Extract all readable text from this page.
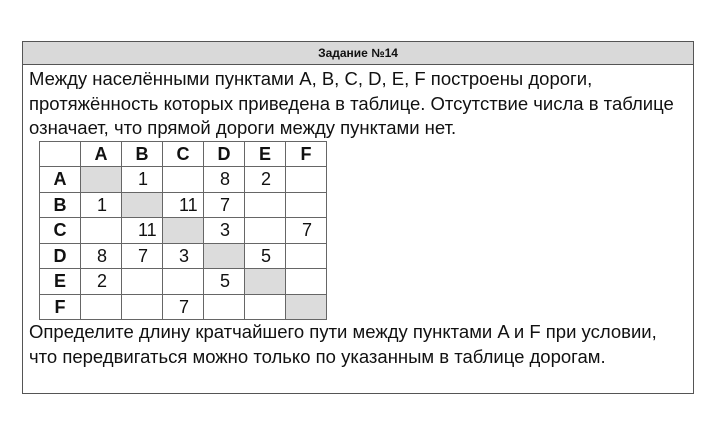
Задание №14

Между населёнными пунктами A, B, C, D, E, F построены дороги, протяжённость которых приведена в таблице. Отсутствие числа в таблице означает, что прямой дороги между пунктами нет.

	A	B	C	D	E	F
A		1		8	2	
B	1		11	7		
C		11		3		7
D	8	7	3		5	
E	2			5		
F			7			

Определите длину кратчайшего пути между пунктами A и F при условии, что передвигаться можно только по указанным в таблице дорогам.
